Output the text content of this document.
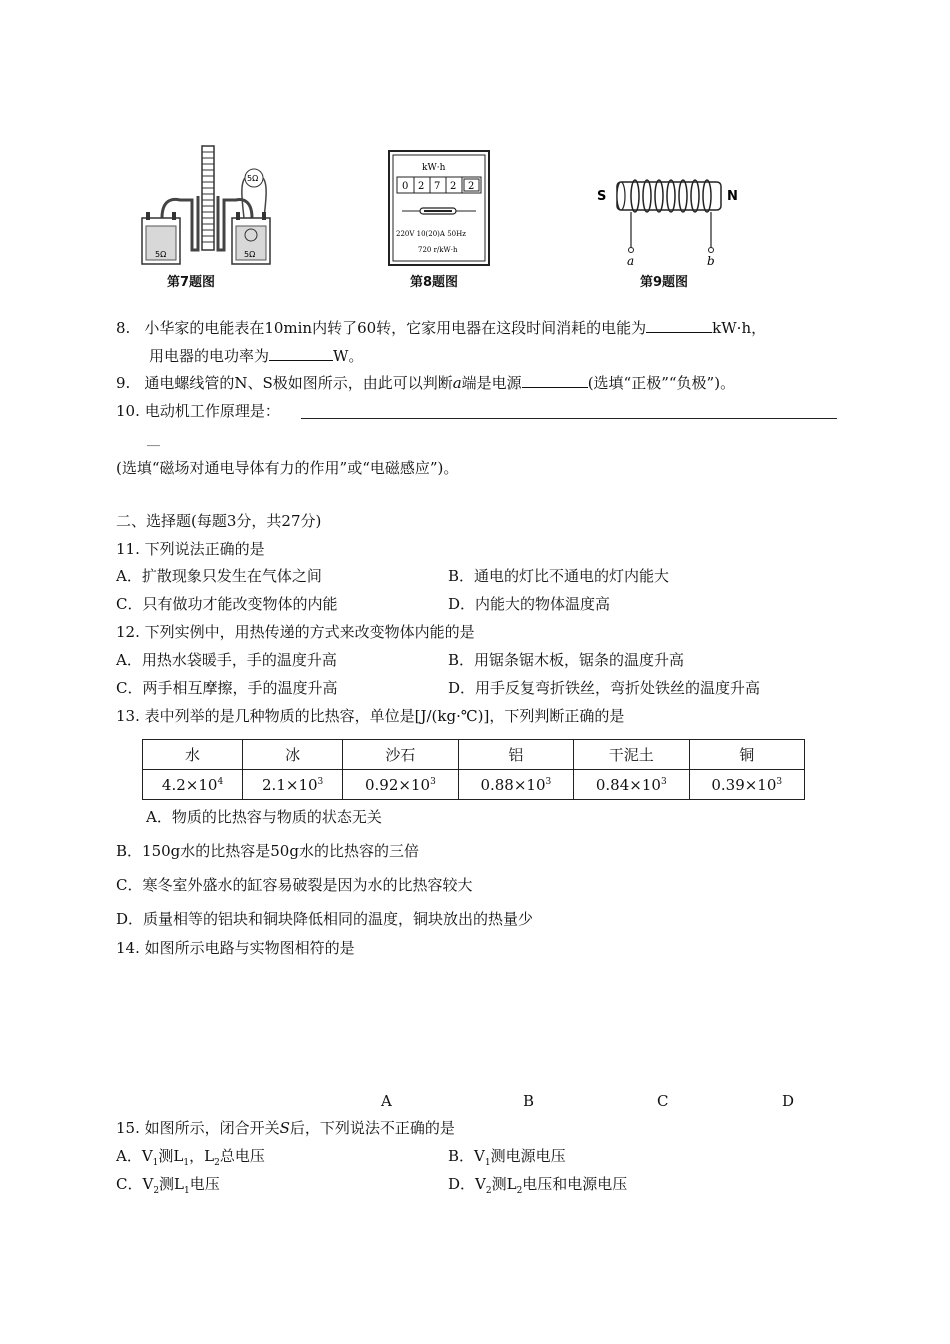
5Ω
5Ω	5Ω
第7题图
kW·h
0 2 7 2 2
220V 10(20)A 50Hz
720 r/kW·h
第8题图
S	N
a	b
第9题图
8. 小华家的电能表在10min内转了60转，它家用电器在这段时间消耗的电能为	kW·h，
用电器的电功率为	W。
9. 通电螺线管的N、S极如图所示，由此可以判断a端是电源	(选填“正极”“负极”)。
10. 电动机工作原理是：
__
(选填“磁场对通电导体有力的作用”或“电磁感应”)。
二、选择题(每题3分，共27分)
11. 下列说法正确的是
A．扩散现象只发生在气体之间	B．通电的灯比不通电的灯内能大
C．只有做功才能改变物体的内能	D．内能大的物体温度高
12. 下列实例中，用热传递的方式来改变物体内能的是
A．用热水袋暖手，手的温度升高	B．用锯条锯木板，锯条的温度升高
C．两手相互摩擦，手的温度升高	D．用手反复弯折铁丝，弯折处铁丝的温度升高
13. 表中列举的是几种物质的比热容，单位是[J/(kg·℃)]，下列判断正确的是
水	冰	沙石	铝	干泥土	铜
$4.2\times 10^4$	$2.1\times 10^3$	$0.92\times 10^3$	$0.88\times 10^3$	$0.84\times 10^3$	$0.39\times 10^3$
A．物质的比热容与物质的状态无关
B．150g水的比热容是50g水的比热容的三倍
C．寒冬室外盛水的缸容易破裂是因为水的比热容较大
D．质量相等的铝块和铜块降低相同的温度，铜块放出的热量少
14. 如图所示电路与实物图相符的是
A	B	C	D
15. 如图所示，闭合开关S后，下列说法不正确的是
A．$V_1$测$L_1$，$L_2$总电压	B．$V_1$测电源电压
C．$V_2$测$L_1$电压	D．$V_2$测$L_2$电压和电源电压
